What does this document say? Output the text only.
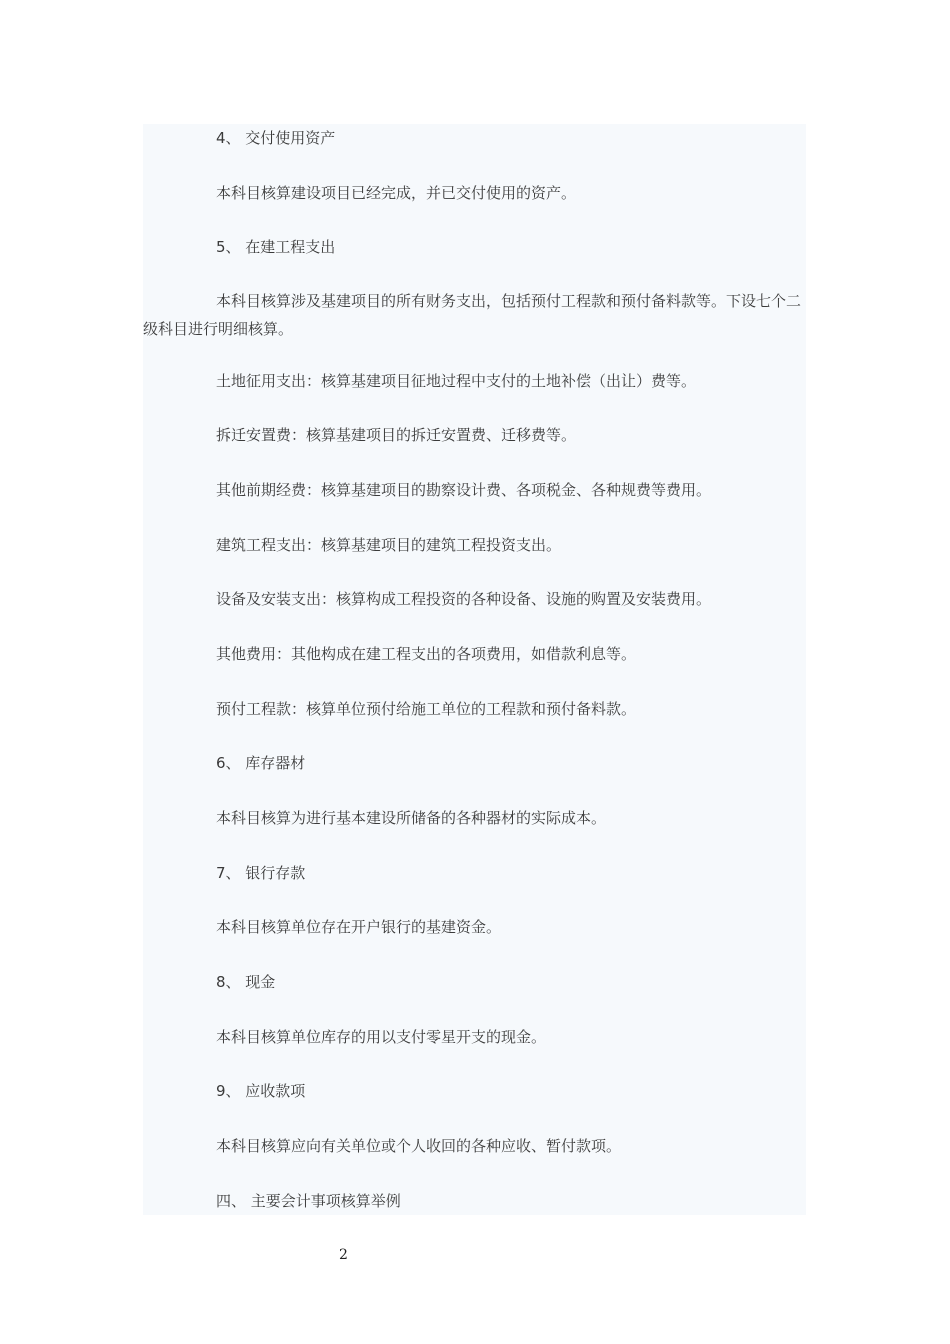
4、 交付使用资产

本科目核算建设项目已经完成，并已交付使用的资产。

5、 在建工程支出

本科目核算涉及基建项目的所有财务支出，包括预付工程款和预付备料款等。下设七个二级科目进行明细核算。

土地征用支出：核算基建项目征地过程中支付的土地补偿（出让）费等。

拆迁安置费：核算基建项目的拆迁安置费、迁移费等。

其他前期经费：核算基建项目的勘察设计费、各项税金、各种规费等费用。

建筑工程支出：核算基建项目的建筑工程投资支出。

设备及安装支出：核算构成工程投资的各种设备、设施的购置及安装费用。

其他费用：其他构成在建工程支出的各项费用，如借款利息等。

预付工程款：核算单位预付给施工单位的工程款和预付备料款。

6、 库存器材

本科目核算为进行基本建设所储备的各种器材的实际成本。

7、 银行存款

本科目核算单位存在开户银行的基建资金。

8、 现金

本科目核算单位库存的用以支付零星开支的现金。

9、 应收款项

本科目核算应向有关单位或个人收回的各种应收、暂付款项。

四、 主要会计事项核算举例

2
